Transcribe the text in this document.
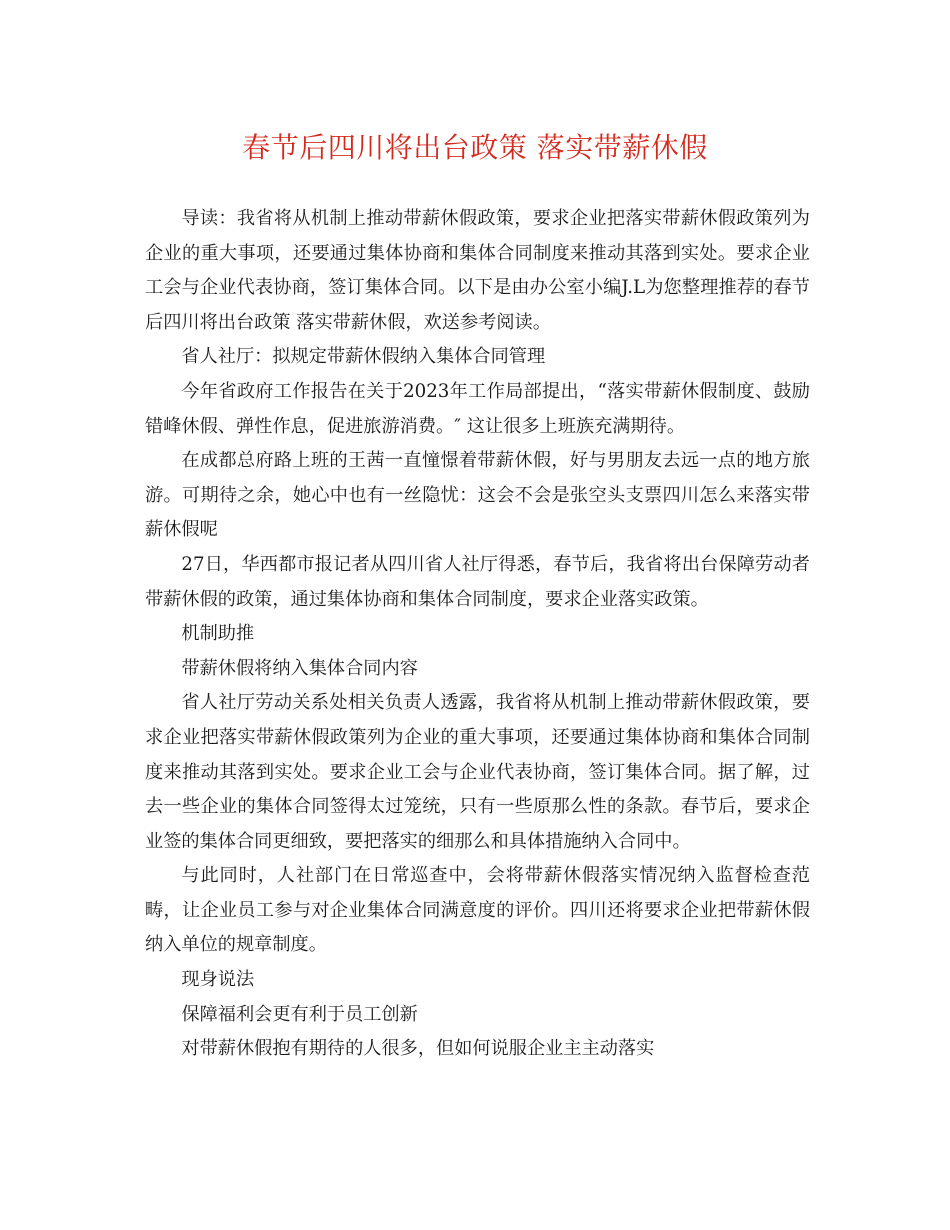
春节后四川将出台政策 落实带薪休假

导读：我省将从机制上推动带薪休假政策，要求企业把落实带薪休假政策列为企业的重大事项，还要通过集体协商和集体合同制度来推动其落到实处。要求企业工会与企业代表协商，签订集体合同。以下是由办公室小编J.L为您整理推荐的春节后四川将出台政策 落实带薪休假，欢送参考阅读。

省人社厅：拟规定带薪休假纳入集体合同管理

今年省政府工作报告在关于2023年工作局部提出，“落实带薪休假制度、鼓励错峰休假、弹性作息，促进旅游消费。″ 这让很多上班族充满期待。

在成都总府路上班的王茜一直憧憬着带薪休假，好与男朋友去远一点的地方旅游。可期待之余，她心中也有一丝隐忧：这会不会是张空头支票四川怎么来落实带薪休假呢

27日，华西都市报记者从四川省人社厅得悉，春节后，我省将出台保障劳动者带薪休假的政策，通过集体协商和集体合同制度，要求企业落实政策。

机制助推

带薪休假将纳入集体合同内容

省人社厅劳动关系处相关负责人透露，我省将从机制上推动带薪休假政策，要求企业把落实带薪休假政策列为企业的重大事项，还要通过集体协商和集体合同制度来推动其落到实处。要求企业工会与企业代表协商，签订集体合同。据了解，过去一些企业的集体合同签得太过笼统，只有一些原那么性的条款。春节后，要求企业签的集体合同更细致，要把落实的细那么和具体措施纳入合同中。

与此同时，人社部门在日常巡查中，会将带薪休假落实情况纳入监督检查范畴，让企业员工参与对企业集体合同满意度的评价。四川还将要求企业把带薪休假纳入单位的规章制度。

现身说法

保障福利会更有利于员工创新

对带薪休假抱有期待的人很多，但如何说服企业主主动落实
